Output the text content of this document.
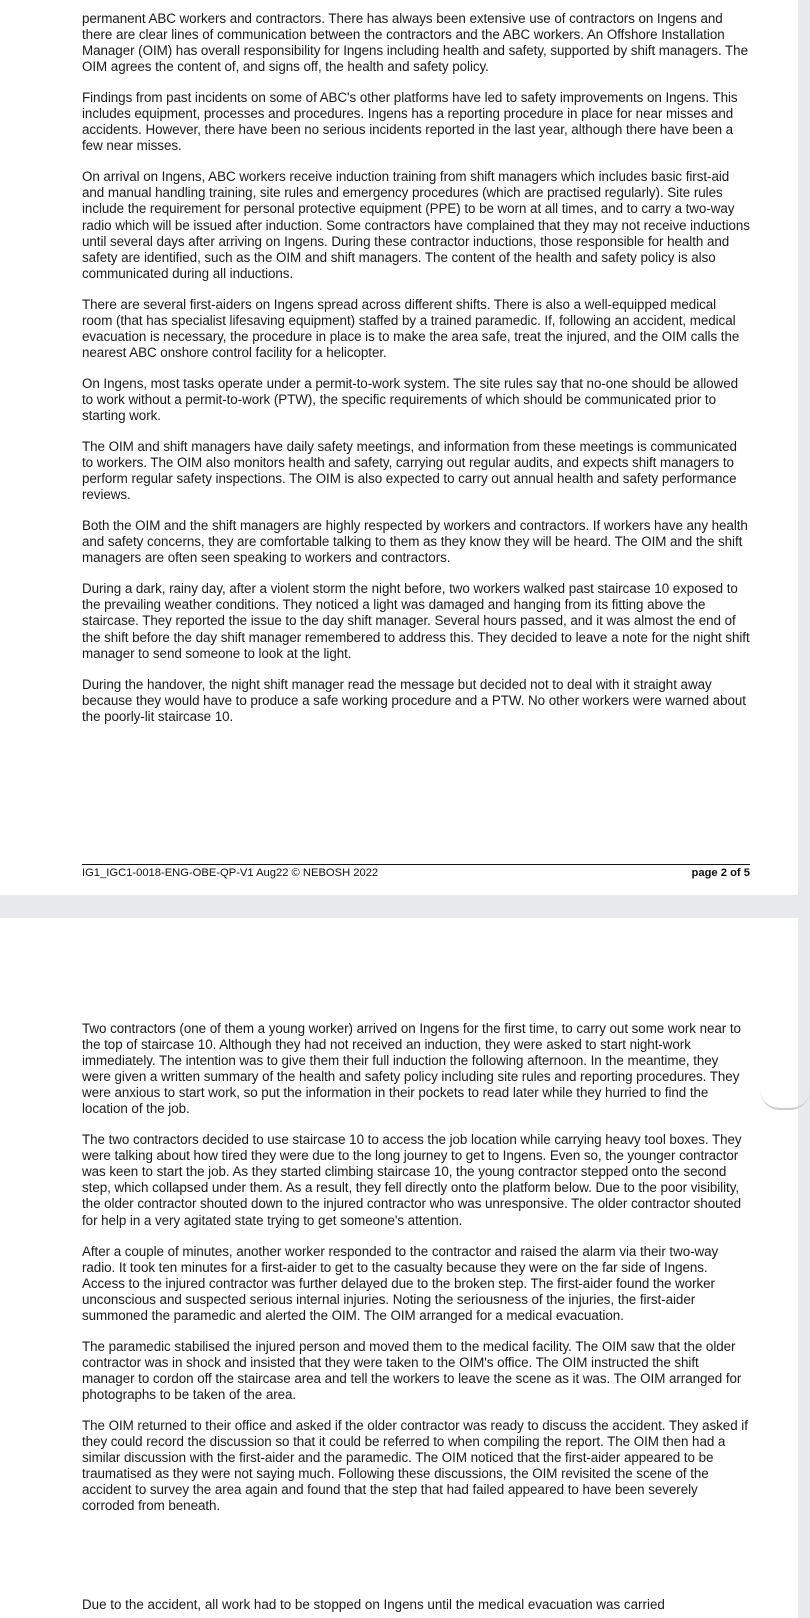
permanent ABC workers and contractors. There has always been extensive use of contractors on Ingens and there are clear lines of communication between the contractors and the ABC workers. An Offshore Installation Manager (OIM) has overall responsibility for Ingens including health and safety, supported by shift managers. The OIM agrees the content of, and signs off, the health and safety policy.

Findings from past incidents on some of ABC's other platforms have led to safety improvements on Ingens. This includes equipment, processes and procedures. Ingens has a reporting procedure in place for near misses and accidents. However, there have been no serious incidents reported in the last year, although there have been a few near misses.

On arrival on Ingens, ABC workers receive induction training from shift managers which includes basic first-aid and manual handling training, site rules and emergency procedures (which are practised regularly). Site rules include the requirement for personal protective equipment (PPE) to be worn at all times, and to carry a two-way radio which will be issued after induction. Some contractors have complained that they may not receive inductions until several days after arriving on Ingens. During these contractor inductions, those responsible for health and safety are identified, such as the OIM and shift managers. The content of the health and safety policy is also communicated during all inductions.

There are several first-aiders on Ingens spread across different shifts. There is also a well-equipped medical room (that has specialist lifesaving equipment) staffed by a trained paramedic. If, following an accident, medical evacuation is necessary, the procedure in place is to make the area safe, treat the injured, and the OIM calls the nearest ABC onshore control facility for a helicopter.

On Ingens, most tasks operate under a permit-to-work system. The site rules say that no-one should be allowed to work without a permit-to-work (PTW), the specific requirements of which should be communicated prior to starting work.

The OIM and shift managers have daily safety meetings, and information from these meetings is communicated to workers. The OIM also monitors health and safety, carrying out regular audits, and expects shift managers to perform regular safety inspections. The OIM is also expected to carry out annual health and safety performance reviews.

Both the OIM and the shift managers are highly respected by workers and contractors. If workers have any health and safety concerns, they are comfortable talking to them as they know they will be heard. The OIM and the shift managers are often seen speaking to workers and contractors.

During a dark, rainy day, after a violent storm the night before, two workers walked past staircase 10 exposed to the prevailing weather conditions. They noticed a light was damaged and hanging from its fitting above the staircase. They reported the issue to the day shift manager. Several hours passed, and it was almost the end of the shift before the day shift manager remembered to address this. They decided to leave a note for the night shift manager to send someone to look at the light.

During the handover, the night shift manager read the message but decided not to deal with it straight away because they would have to produce a safe working procedure and a PTW. No other workers were warned about the poorly-lit staircase 10.

IG1_IGC1-0018-ENG-OBE-QP-V1 Aug22 © NEBOSH 2022	page 2 of 5

Two contractors (one of them a young worker) arrived on Ingens for the first time, to carry out some work near to the top of staircase 10. Although they had not received an induction, they were asked to start night-work immediately. The intention was to give them their full induction the following afternoon. In the meantime, they were given a written summary of the health and safety policy including site rules and reporting procedures. They were anxious to start work, so put the information in their pockets to read later while they hurried to find the location of the job.

The two contractors decided to use staircase 10 to access the job location while carrying heavy tool boxes. They were talking about how tired they were due to the long journey to get to Ingens. Even so, the younger contractor was keen to start the job. As they started climbing staircase 10, the young contractor stepped onto the second step, which collapsed under them. As a result, they fell directly onto the platform below. Due to the poor visibility, the older contractor shouted down to the injured contractor who was unresponsive. The older contractor shouted for help in a very agitated state trying to get someone's attention.

After a couple of minutes, another worker responded to the contractor and raised the alarm via their two-way radio. It took ten minutes for a first-aider to get to the casualty because they were on the far side of Ingens. Access to the injured contractor was further delayed due to the broken step. The first-aider found the worker unconscious and suspected serious internal injuries. Noting the seriousness of the injuries, the first-aider summoned the paramedic and alerted the OIM. The OIM arranged for a medical evacuation.

The paramedic stabilised the injured person and moved them to the medical facility. The OIM saw that the older contractor was in shock and insisted that they were taken to the OIM's office. The OIM instructed the shift manager to cordon off the staircase area and tell the workers to leave the scene as it was. The OIM arranged for photographs to be taken of the area.

The OIM returned to their office and asked if the older contractor was ready to discuss the accident. They asked if they could record the discussion so that it could be referred to when compiling the report. The OIM then had a similar discussion with the first-aider and the paramedic. The OIM noticed that the first-aider appeared to be traumatised as they were not saying much. Following these discussions, the OIM revisited the scene of the accident to survey the area again and found that the step that had failed appeared to have been severely corroded from beneath.

Due to the accident, all work had to be stopped on Ingens until the medical evacuation was carried
